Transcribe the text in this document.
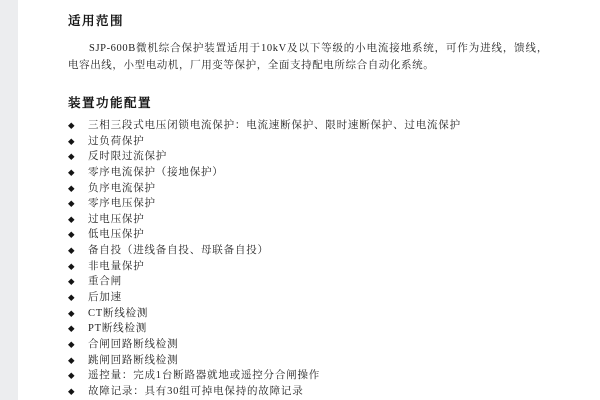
适用范围

SJP-600B微机综合保护装置适用于10kV及以下等级的小电流接地系统，可作为进线，馈线，电容出线，小型电动机，厂用变等保护，全面支持配电所综合自动化系统。

装置功能配置
◆	三相三段式电压闭锁电流保护：电流速断保护、限时速断保护、过电流保护
◆	过负荷保护
◆	反时限过流保护
◆	零序电流保护（接地保护）
◆	负序电流保护
◆	零序电压保护
◆	过电压保护
◆	低电压保护
◆	备自投（进线备自投、母联备自投）
◆	非电量保护
◆	重合闸
◆	后加速
◆	CT断线检测
◆	PT断线检测
◆	合闸回路断线检测
◆	跳闸回路断线检测
◆	遥控量：完成1台断路器就地或遥控分合闸操作
◆	故障记录：具有30组可掉电保持的故障记录
